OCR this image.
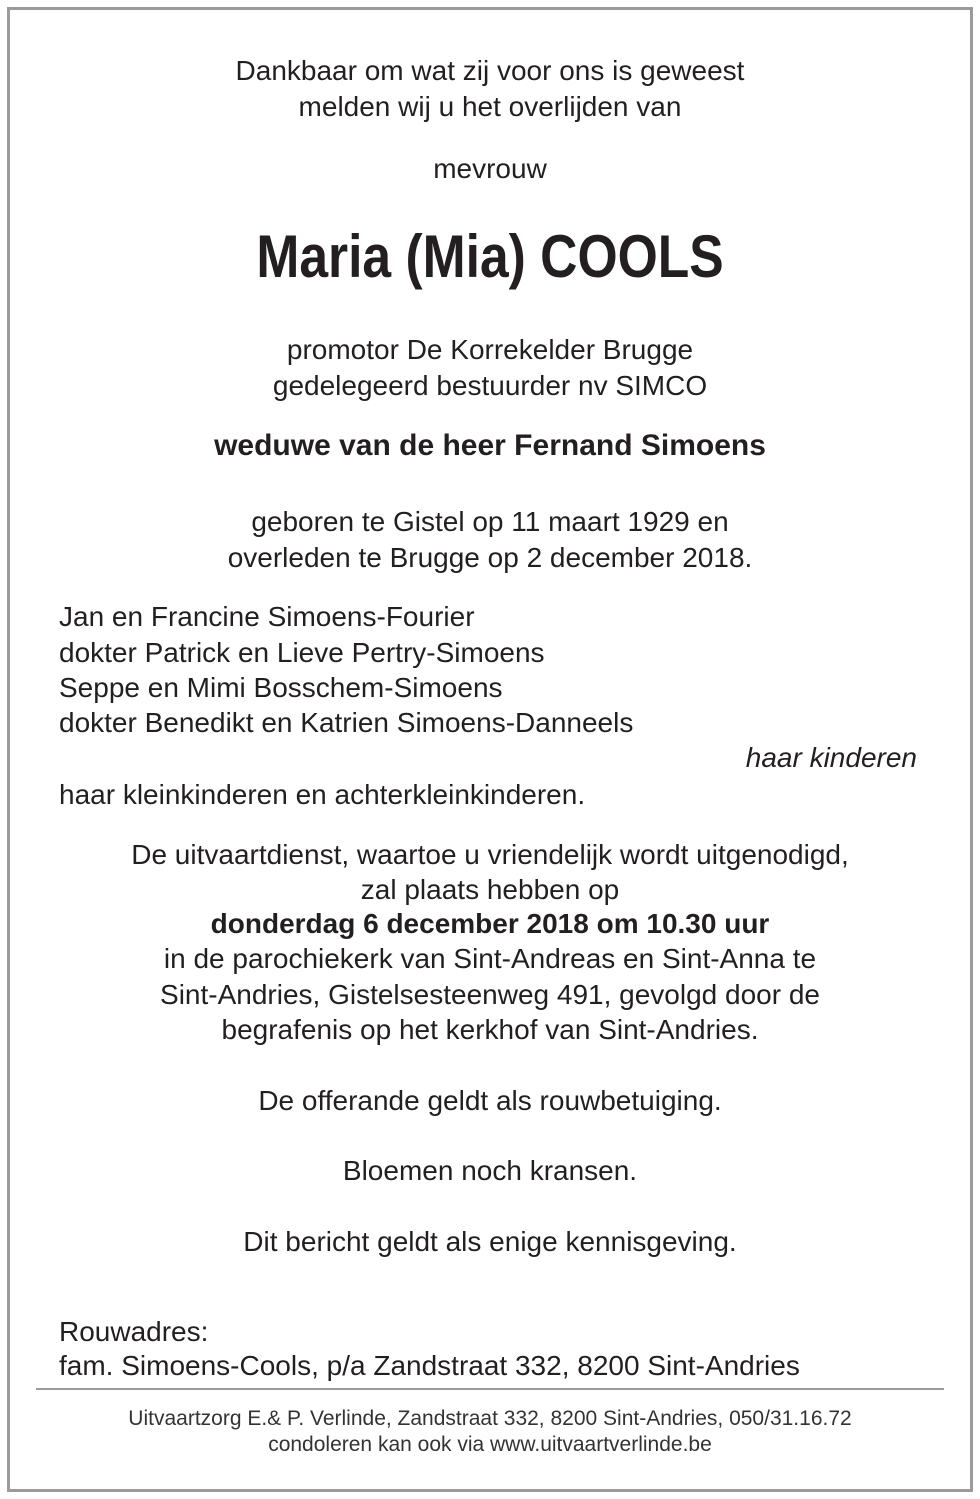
Dankbaar om wat zij voor ons is geweest
melden wij u het overlijden van
mevrouw
Maria (Mia) COOLS
promotor De Korrekelder Brugge
gedelegeerd bestuurder nv SIMCO
weduwe van de heer Fernand Simoens
geboren te Gistel op 11 maart 1929 en
overleden te Brugge op 2 december 2018.
Jan en Francine Simoens-Fourier
dokter Patrick en Lieve Pertry-Simoens
Seppe en Mimi Bosschem-Simoens
dokter Benedikt en Katrien Simoens-Danneels
haar kinderen
haar kleinkinderen en achterkleinkinderen.
De uitvaartdienst, waartoe u vriendelijk wordt uitgenodigd,
zal plaats hebben op
donderdag 6 december 2018 om 10.30 uur
in de parochiekerk van Sint-Andreas en Sint-Anna te
Sint-Andries, Gistelsesteenweg 491, gevolgd door de
begrafenis op het kerkhof van Sint-Andries.
De offerande geldt als rouwbetuiging.
Bloemen noch kransen.
Dit bericht geldt als enige kennisgeving.
Rouwadres:
fam. Simoens-Cools, p/a Zandstraat 332, 8200 Sint-Andries
Uitvaartzorg E.& P. Verlinde, Zandstraat 332, 8200 Sint-Andries, 050/31.16.72
condoleren kan ook via www.uitvaartverlinde.be
